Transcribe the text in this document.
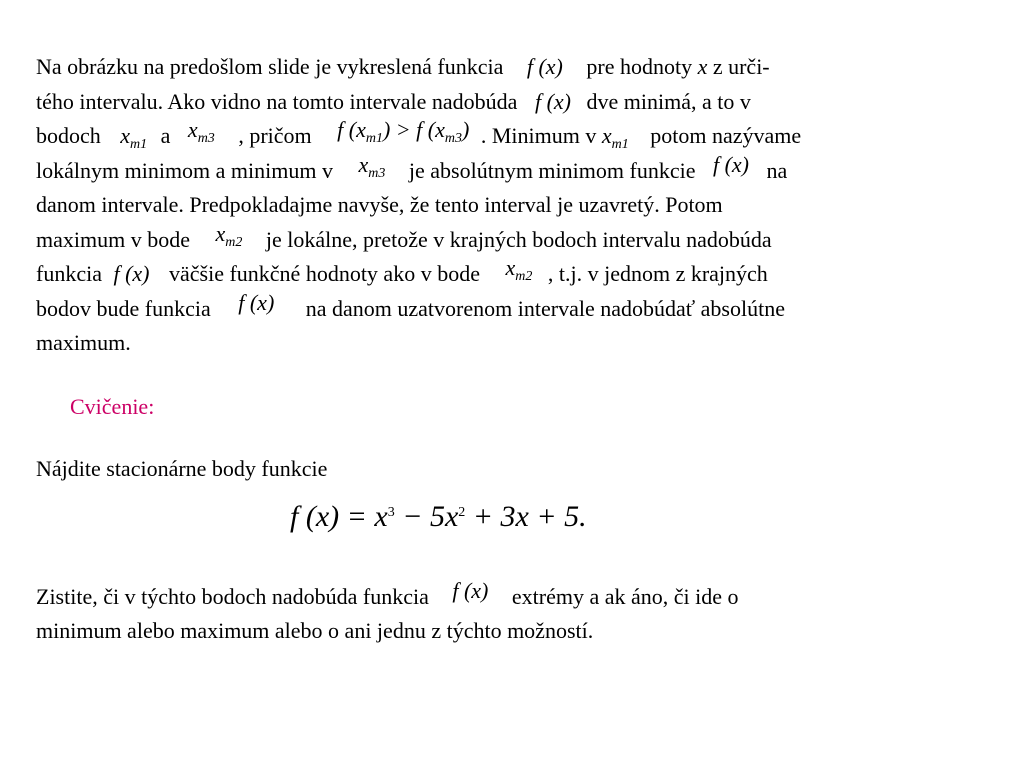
Na obrázku na predošlom slide je vykreslená funkcia f (x) pre hodnoty x z urči-
tého intervalu. Ako vidno na tomto intervale nadobúda f (x) dve minimá, a to v
bodoch $x_{m1}$ a $x_{m3}$ , pričom f $(x_{m1}) > f$ $(x_{m3})$ . Minimum v $x_{m1}$ potom nazývame
lokálnym minimom a minimum v $x_{m3}$ je absolútnym minimom funkcie f (x) na
danom intervale. Predpokladajme navyše, že tento interval je uzavretý. Potom
maximum v bode $x_{m2}$ je lokálne, pretože v krajných bodoch intervalu nadobúda
funkcia f (x) väčšie funkčné hodnoty ako v bode $x_{m2}$ , t.j. v jednom z krajných
bodov bude funkcia f (x) na danom uzatvorenom intervale nadobúdať absolútne
maximum.
Cvičenie:
Nájdite stacionárne body funkcie
f $(x) = x^3 - 5x^2 + 3x + 5$.
Zistite, či v týchto bodoch nadobúda funkcia f (x) extrémy a ak áno, či ide o
minimum alebo maximum alebo o ani jednu z týchto možností.
